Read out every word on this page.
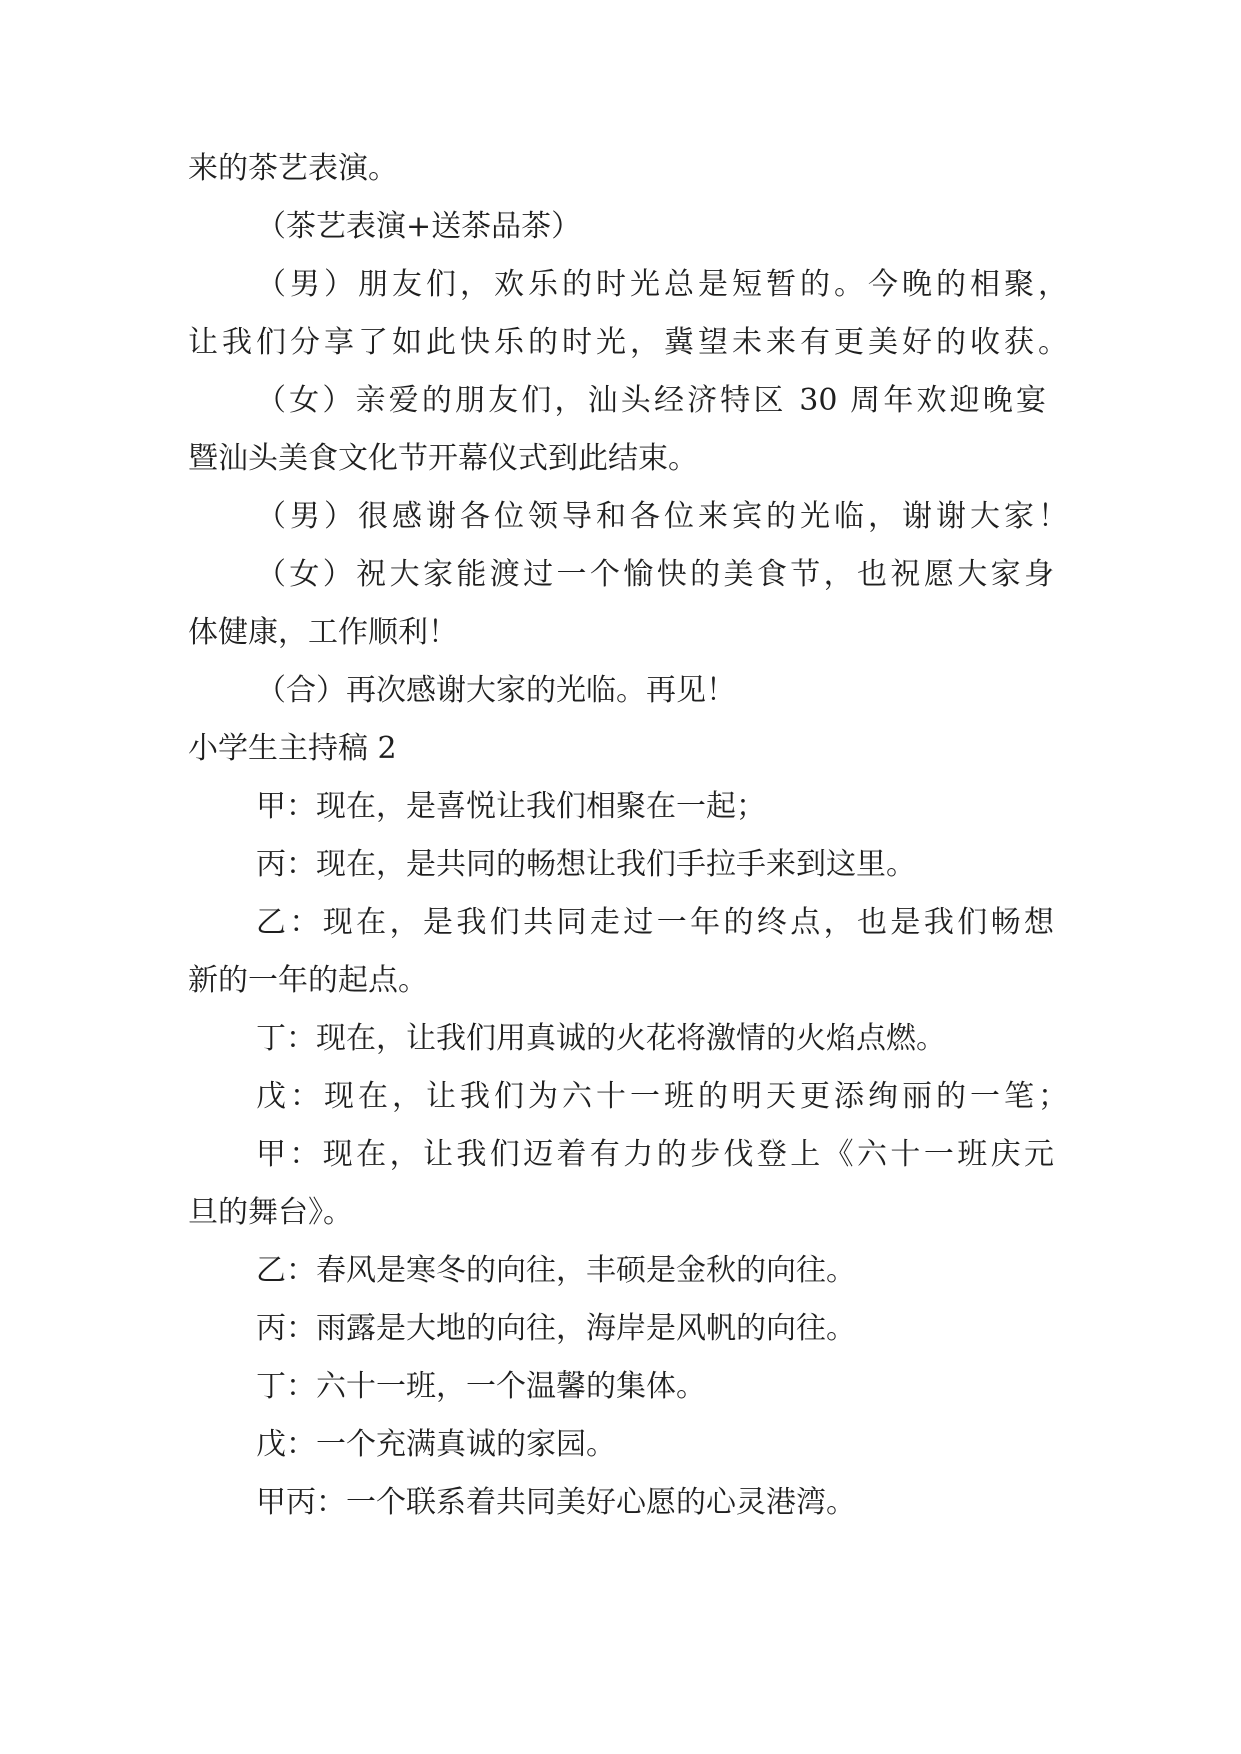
来的茶艺表演。
（茶艺表演+送茶品茶）
（男）朋友们，欢乐的时光总是短暂的。今晚的相聚，
让我们分享了如此快乐的时光，冀望未来有更美好的收获。
（女）亲爱的朋友们，汕头经济特区 30 周年欢迎晚宴
暨汕头美食文化节开幕仪式到此结束。
（男）很感谢各位领导和各位来宾的光临，谢谢大家！
（女）祝大家能渡过一个愉快的美食节，也祝愿大家身
体健康，工作顺利！
（合）再次感谢大家的光临。再见！
小学生主持稿 2
甲：现在，是喜悦让我们相聚在一起；
丙：现在，是共同的畅想让我们手拉手来到这里。
乙：现在，是我们共同走过一年的终点，也是我们畅想
新的一年的起点。
丁：现在，让我们用真诚的火花将激情的火焰点燃。
戊：现在，让我们为六十一班的明天更添绚丽的一笔；
甲：现在，让我们迈着有力的步伐登上《六十一班庆元
旦的舞台》。
乙：春风是寒冬的向往，丰硕是金秋的向往。
丙：雨露是大地的向往，海岸是风帆的向往。
丁：六十一班，一个温馨的集体。
戊：一个充满真诚的家园。
甲丙：一个联系着共同美好心愿的心灵港湾。
